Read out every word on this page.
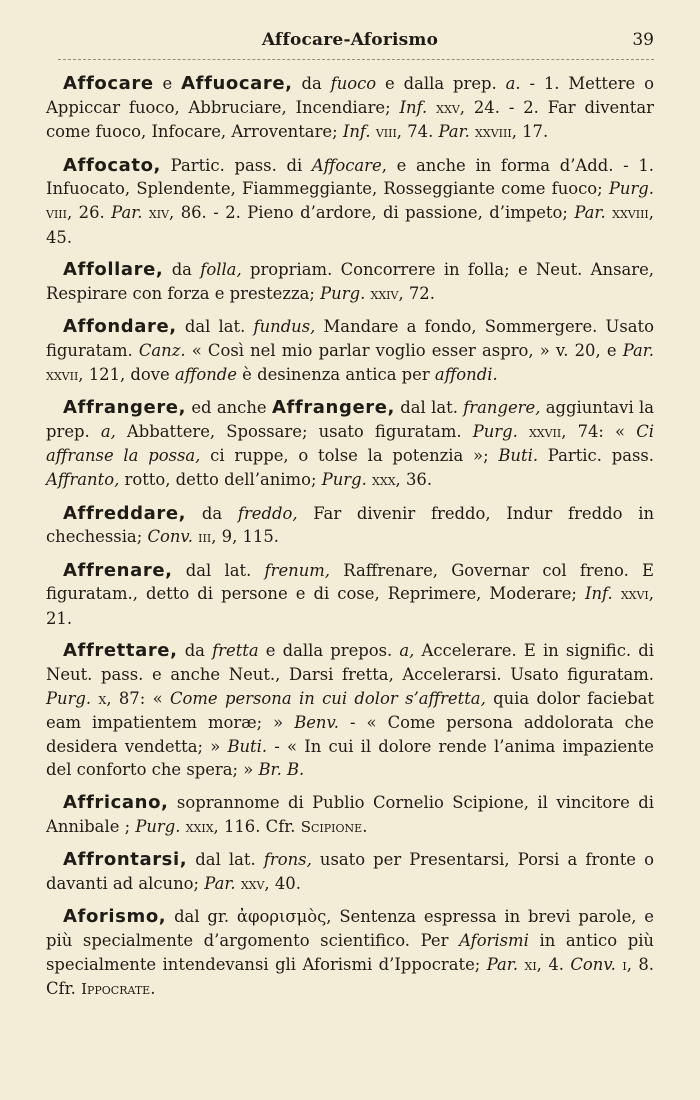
Affocare-Aforismo	39

Affocare e Affuocare, da fuoco e dalla prep. a. - 1. Mettere o Appiccar fuoco, Abbruciare, Incendiare; Inf. xxv, 24. - 2. Far diventar come fuoco, Infocare, Arroventare; Inf. viii, 74. Par. xxviii, 17.

Affocato, Partic. pass. di Affocare, e anche in forma d’Add. - 1. Infuocato, Splendente, Fiammeggiante, Rosseggiante come fuoco; Purg. viii, 26. Par. xiv, 86. - 2. Pieno d’ardore, di passione, d’impeto; Par. xxviii, 45.

Affollare, da folla, propriam. Concorrere in folla; e Neut. Ansare, Respirare con forza e prestezza; Purg. xxiv, 72.

Affondare, dal lat. fundus, Mandare a fondo, Sommergere. Usato figuratam. Canz. « Così nel mio parlar voglio esser aspro, » v. 20, e Par. xxvii, 121, dove affonde è desinenza antica per affondi.

Affrangere, ed anche Affrangere, dal lat. frangere, aggiuntavi la prep. a, Abbattere, Spossare; usato figuratam. Purg. xxvii, 74: « Ci affranse la possa, ci ruppe, o tolse la potenzia »; Buti. Partic. pass. Affranto, rotto, detto dell’animo; Purg. xxx, 36.

Affreddare, da freddo, Far divenir freddo, Indur freddo in chechessia; Conv. iii, 9, 115.

Affrenare, dal lat. frenum, Raffrenare, Governar col freno. E figuratam., detto di persone e di cose, Reprimere, Moderare; Inf. xxvi, 21.

Affrettare, da fretta e dalla prepos. a, Accelerare. E in signific. di Neut. pass. e anche Neut., Darsi fretta, Accelerarsi. Usato figuratam. Purg. x, 87: « Come persona in cui dolor s’affretta, quia dolor faciebat eam impatientem moræ; » Benv. - « Come persona addolorata che desidera vendetta; » Buti. - « In cui il dolore rende l’anima impaziente del conforto che spera; » Br. B.

Affricano, soprannome di Publio Cornelio Scipione, il vincitore di Annibale ; Purg. xxix, 116. Cfr. Scipione.

Affrontarsi, dal lat. frons, usato per Presentarsi, Porsi a fronte o davanti ad alcuno; Par. xxv, 40.

Aforismo, dal gr. ἀφορισμὸς, Sentenza espressa in brevi parole, e più specialmente d’argomento scientifico. Per Aforismi in antico più specialmente intendevansi gli Aforismi d’Ippocrate; Par. xi, 4. Conv. i, 8. Cfr. Ippocrate.
